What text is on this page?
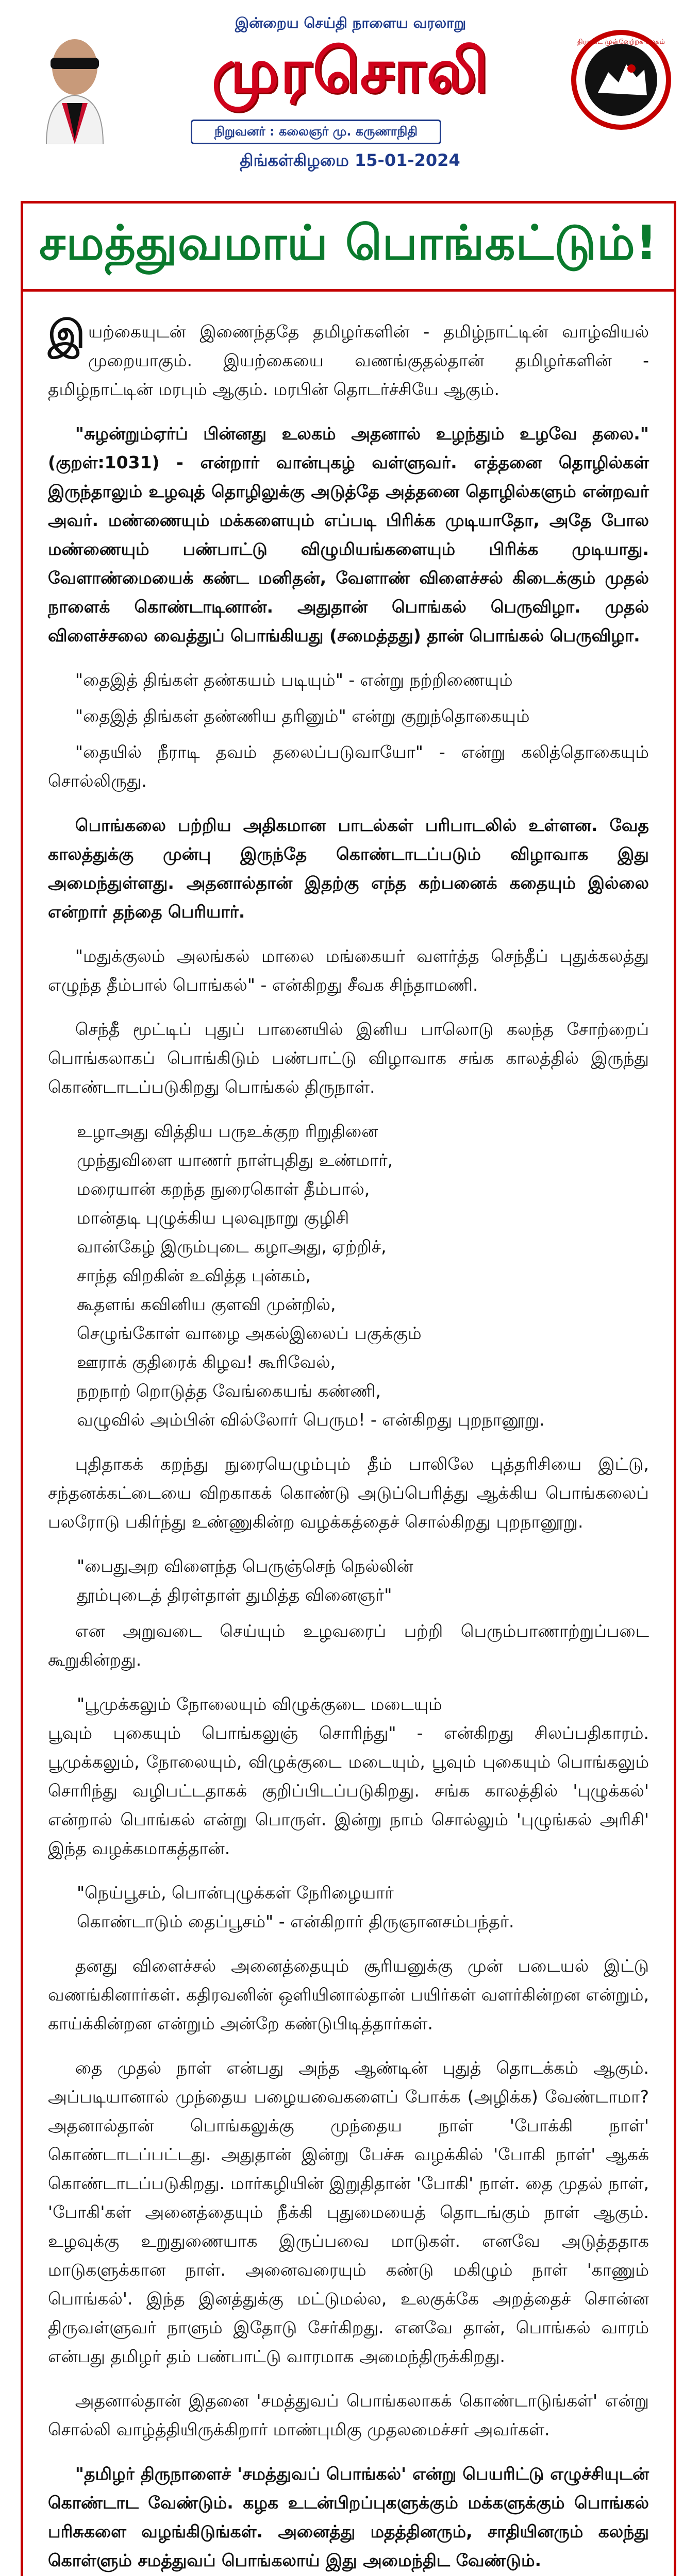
இன்றைய செய்தி நாளைய வரலாறு
முரசொலி
நிறுவனர் : கலைஞர் மு. கருணாநிதி
திராவிட முன்னேற்றக் கழகம்
திங்கள்கிழமை 15-01-2024
சமத்துவமாய் பொங்கட்டும்!

இயற்கையுடன் இணைந்ததே தமிழர்களின் - தமிழ்நாட்டின் வாழ்வியல் முறையாகும். இயற்கையை வணங்குதல்தான் தமிழர்களின் - தமிழ்நாட்டின் மரபும் ஆகும். மரபின் தொடர்ச்சியே ஆகும்.

"சுழன்றும்ஏர்ப் பின்னது உலகம் அதனால் உழந்தும் உழவே தலை." (குறள்:1031) - என்றார் வான்புகழ் வள்ளுவர். எத்தனை தொழில்கள் இருந்தாலும் உழவுத் தொழிலுக்கு அடுத்தே அத்தனை தொழில்களும் என்றவர் அவர். மண்ணையும் மக்களையும் எப்படி பிரிக்க முடியாதோ, அதே போல மண்ணையும் பண்பாட்டு விழுமியங்களையும் பிரிக்க முடியாது. வேளாண்மையைக் கண்ட மனிதன், வேளாண் விளைச்சல் கிடைக்கும் முதல் நாளைக் கொண்டாடினான். அதுதான் பொங்கல் பெருவிழா. முதல் விளைச்சலை வைத்துப் பொங்கியது (சமைத்தது) தான் பொங்கல் பெருவிழா.

"தைஇத் திங்கள் தண்கயம் படியும்" - என்று நற்றிணையும்

"தைஇத் திங்கள் தண்ணிய தரினும்" என்று குறுந்தொகையும்

"தையில் நீராடி தவம் தலைப்படுவாயோ" - என்று கலித்தொகையும் சொல்லிருது.

பொங்கலை பற்றிய அதிகமான பாடல்கள் பரிபாடலில் உள்ளன. வேத காலத்துக்கு முன்பு இருந்தே கொண்டாடப்படும் விழாவாக இது அமைந்துள்ளது. அதனால்தான் இதற்கு எந்த கற்பனைக் கதையும் இல்லை என்றார் தந்தை பெரியார்.

"மதுக்குலம் அலங்கல் மாலை மங்கையர் வளர்த்த செந்தீப் புதுக்கலத்து எழுந்த தீம்பால் பொங்கல்" - என்கிறது சீவக சிந்தாமணி.

செந்தீ மூட்டிப் புதுப் பானையில் இனிய பாலொடு கலந்த சோற்றைப் பொங்கலாகப் பொங்கிடும் பண்பாட்டு விழாவாக சங்க காலத்தில் இருந்து கொண்டாடப்படுகிறது பொங்கல் திருநாள்.

உழாஅது வித்திய பருஉக்குற ரிறுதினை
முந்துவிளை யாணர் நாள்புதிது உண்மார்,
மரையான் கறந்த நுரைகொள் தீம்பால்,
மான்தடி புழுக்கிய புலவுநாறு குழிசி
வான்கேழ் இரும்புடை கழாஅது, ஏற்றிச்,
சாந்த விறகின் உவித்த புன்கம்,
கூதளங் கவினிய குளவி முன்றில்,
செழுங்கோள் வாழை அகல்இலைப் பகுக்கும்
ஊராக் குதிரைக் கிழவ! கூரிவேல்,
நறநாற் றொடுத்த வேங்கையங் கண்ணி,
வழுவில் அம்பின் வில்லோர் பெரும! - என்கிறது புறநானூறு.

புதிதாகக் கறந்து நுரையெழும்பும் தீம் பாலிலே புத்தரிசியை இட்டு, சந்தனக்கட்டையை விறகாகக் கொண்டு அடுப்பெரித்து ஆக்கிய பொங்கலைப் பலரோடு பகிர்ந்து உண்ணுகின்ற வழக்கத்தைச் சொல்கிறது புறநானூறு.

"பைதுஅற விளைந்த பெருஞ்செந் நெல்லின்
தூம்புடைத் திரள்தாள் துமித்த வினைஞர்"

என அறுவடை செய்யும் உழவரைப் பற்றி பெரும்பாணாற்றுப்படை கூறுகின்றது.

"பூமுக்கலும் நோலையும் விழுக்குடை மடையும்

பூவும் புகையும் பொங்கலுஞ் சொரிந்து" - என்கிறது சிலப்பதிகாரம். பூமுக்கலும், நோலையும், விழுக்குடை மடையும், பூவும் புகையும் பொங்கலும் சொரிந்து வழிபட்டதாகக் குறிப்பிடப்படுகிறது. சங்க காலத்தில் 'புழுக்கல்' என்றால் பொங்கல் என்று பொருள். இன்று நாம் சொல்லும் 'புழுங்கல் அரிசி' இந்த வழக்கமாகத்தான்.

"நெய்பூசம், பொன்புழுக்கள் நேரிழையார்
கொண்டாடும் தைப்பூசம்" - என்கிறார் திருஞானசம்பந்தர்.

தனது விளைச்சல் அனைத்தையும் சூரியனுக்கு முன் படையல் இட்டு வணங்கினார்கள். கதிரவனின் ஒளியினால்தான் பயிர்கள் வளர்கின்றன என்றும், காய்க்கின்றன என்றும் அன்றே கண்டுபிடித்தார்கள்.

தை முதல் நாள் என்பது அந்த ஆண்டின் புதுத் தொடக்கம் ஆகும். அப்படியானால் முந்தைய பழையவைகளைப் போக்க (அழிக்க) வேண்டாமா? அதனால்தான் பொங்கலுக்கு முந்தைய நாள் 'போக்கி நாள்' கொண்டாடப்பட்டது. அதுதான் இன்று பேச்சு வழக்கில் 'போகி நாள்' ஆகக் கொண்டாடப்படுகிறது. மார்கழியின் இறுதிதான் 'போகி' நாள். தை முதல் நாள், 'போகி'கள் அனைத்தையும் நீக்கி புதுமையைத் தொடங்கும் நாள் ஆகும். உழவுக்கு உறுதுணையாக இருப்பவை மாடுகள். எனவே அடுத்ததாக மாடுகளுக்கான நாள். அனைவரையும் கண்டு மகிழும் நாள் 'காணும் பொங்கல்'. இந்த இனத்துக்கு மட்டுமல்ல, உலகுக்கே அறத்தைச் சொன்ன திருவள்ளுவர் நாளும் இதோடு சேர்கிறது. எனவே தான், பொங்கல் வாரம் என்பது தமிழர் தம் பண்பாட்டு வாரமாக அமைந்திருக்கிறது.

அதனால்தான் இதனை 'சமத்துவப் பொங்கலாகக் கொண்டாடுங்கள்' என்று சொல்லி வாழ்த்தியிருக்கிறார் மாண்புமிகு முதலமைச்சர் அவர்கள்.

"தமிழர் திருநாளைச் 'சமத்துவப் பொங்கல்' என்று பெயரிட்டு எழுச்சியுடன் கொண்டாட வேண்டும். கழக உடன்பிறப்புகளுக்கும் மக்களுக்கும் பொங்கல் பரிசுகளை வழங்கிடுங்கள். அனைத்து மதத்தினரும், சாதியினரும் கலந்து கொள்ளும் சமத்துவப் பொங்கலாய் இது அமைந்திட வேண்டும்.
